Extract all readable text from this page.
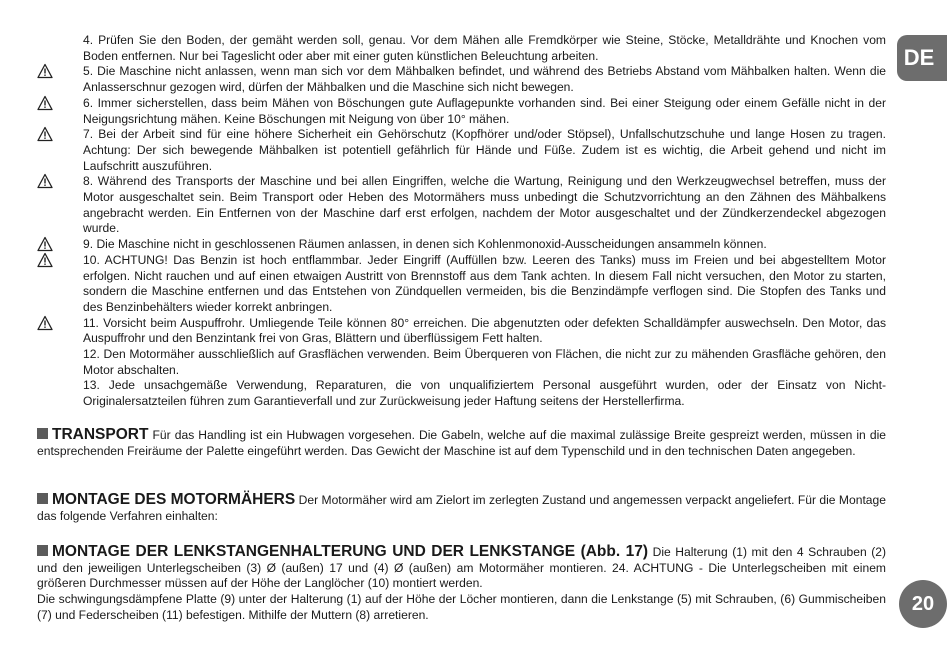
DE
4. Prüfen Sie den Boden, der gemäht werden soll, genau. Vor dem Mähen alle Fremdkörper wie Steine, Stöcke, Metalldrähte und Knochen vom Boden entfernen. Nur bei Tageslicht oder aber mit einer guten künstlichen Beleuchtung arbeiten.
5. Die Maschine nicht anlassen, wenn man sich vor dem Mähbalken befindet, und während des Betriebs Abstand vom Mähbalken halten. Wenn die Anlasserschnur gezogen wird, dürfen der Mähbalken und die Maschine sich nicht bewegen.
6. Immer sicherstellen, dass beim Mähen von Böschungen gute Auflagepunkte vorhanden sind. Bei einer Steigung oder einem Gefälle nicht in der Neigungsrichtung mähen. Keine Böschungen mit Neigung von über 10° mähen.
7. Bei der Arbeit sind für eine höhere Sicherheit ein Gehörschutz (Kopfhörer und/oder Stöpsel), Unfallschutzschuhe und lange Hosen zu tragen. Achtung: Der sich bewegende Mähbalken ist potentiell gefährlich für Hände und Füße. Zudem ist es wichtig, die Arbeit gehend und nicht im Laufschritt auszuführen.
8. Während des Transports der Maschine und bei allen Eingriffen, welche die Wartung, Reinigung und den Werkzeugwechsel betreffen, muss der Motor ausgeschaltet sein. Beim Transport oder Heben des Motormähers muss unbedingt die Schutzvorrichtung an den Zähnen des Mähbalkens angebracht werden. Ein Entfernen von der Maschine darf erst erfolgen, nachdem der Motor ausgeschaltet und der Zündkerzendeckel abgezogen wurde.
9. Die Maschine nicht in geschlossenen Räumen anlassen, in denen sich Kohlenmonoxid-Ausscheidungen ansammeln können.
10. ACHTUNG! Das Benzin ist hoch entflammbar. Jeder Eingriff (Auffüllen bzw. Leeren des Tanks) muss im Freien und bei abgestelltem Motor erfolgen. Nicht rauchen und auf einen etwaigen Austritt von Brennstoff aus dem Tank achten. In diesem Fall nicht versuchen, den Motor zu starten, sondern die Maschine entfernen und das Entstehen von Zündquellen vermeiden, bis die Benzindämpfe verflogen sind. Die Stopfen des Tanks und des Benzinbehälters wieder korrekt anbringen.
11. Vorsicht beim Auspuffrohr. Umliegende Teile können 80° erreichen. Die abgenutzten oder defekten Schalldämpfer auswechseln. Den Motor, das Auspuffrohr und den Benzintank frei von Gras, Blättern und überflüssigem Fett halten.
12. Den Motormäher ausschließlich auf Grasflächen verwenden. Beim Überqueren von Flächen, die nicht zur zu mähenden Grasfläche gehören, den Motor abschalten.
13. Jede unsachgemäße Verwendung, Reparaturen, die von unqualifiziertem Personal ausgeführt wurden, oder der Einsatz von Nicht-Originalersatzteilen führen zum Garantieverfall und zur Zurückweisung jeder Haftung seitens der Herstellerfirma.
TRANSPORT Für das Handling ist ein Hubwagen vorgesehen. Die Gabeln, welche auf die maximal zulässige Breite gespreizt werden, müssen in die entsprechenden Freiräume der Palette eingeführt werden. Das Gewicht der Maschine ist auf dem Typenschild und in den technischen Daten angegeben.
MONTAGE DES MOTORMÄHERS Der Motormäher wird am Zielort im zerlegten Zustand und angemessen verpackt angeliefert. Für die Montage das folgende Verfahren einhalten:
MONTAGE DER LENKSTANGENHALTERUNG UND DER LENKSTANGE (Abb. 17) Die Halterung (1) mit den 4 Schrauben (2) und den jeweiligen Unterlegscheiben (3) Ø (außen) 17 und (4) Ø (außen) am Motormäher montieren. 24. ACHTUNG - Die Unterlegscheiben mit einem größeren Durchmesser müssen auf der Höhe der Langlöcher (10) montiert werden.
Die schwingungsdämpfene Platte (9) unter der Halterung (1) auf der Höhe der Löcher montieren, dann die Lenkstange (5) mit Schrauben, (6) Gummischeiben (7) und Federscheiben (11) befestigen. Mithilfe der Muttern (8) arretieren.
20
